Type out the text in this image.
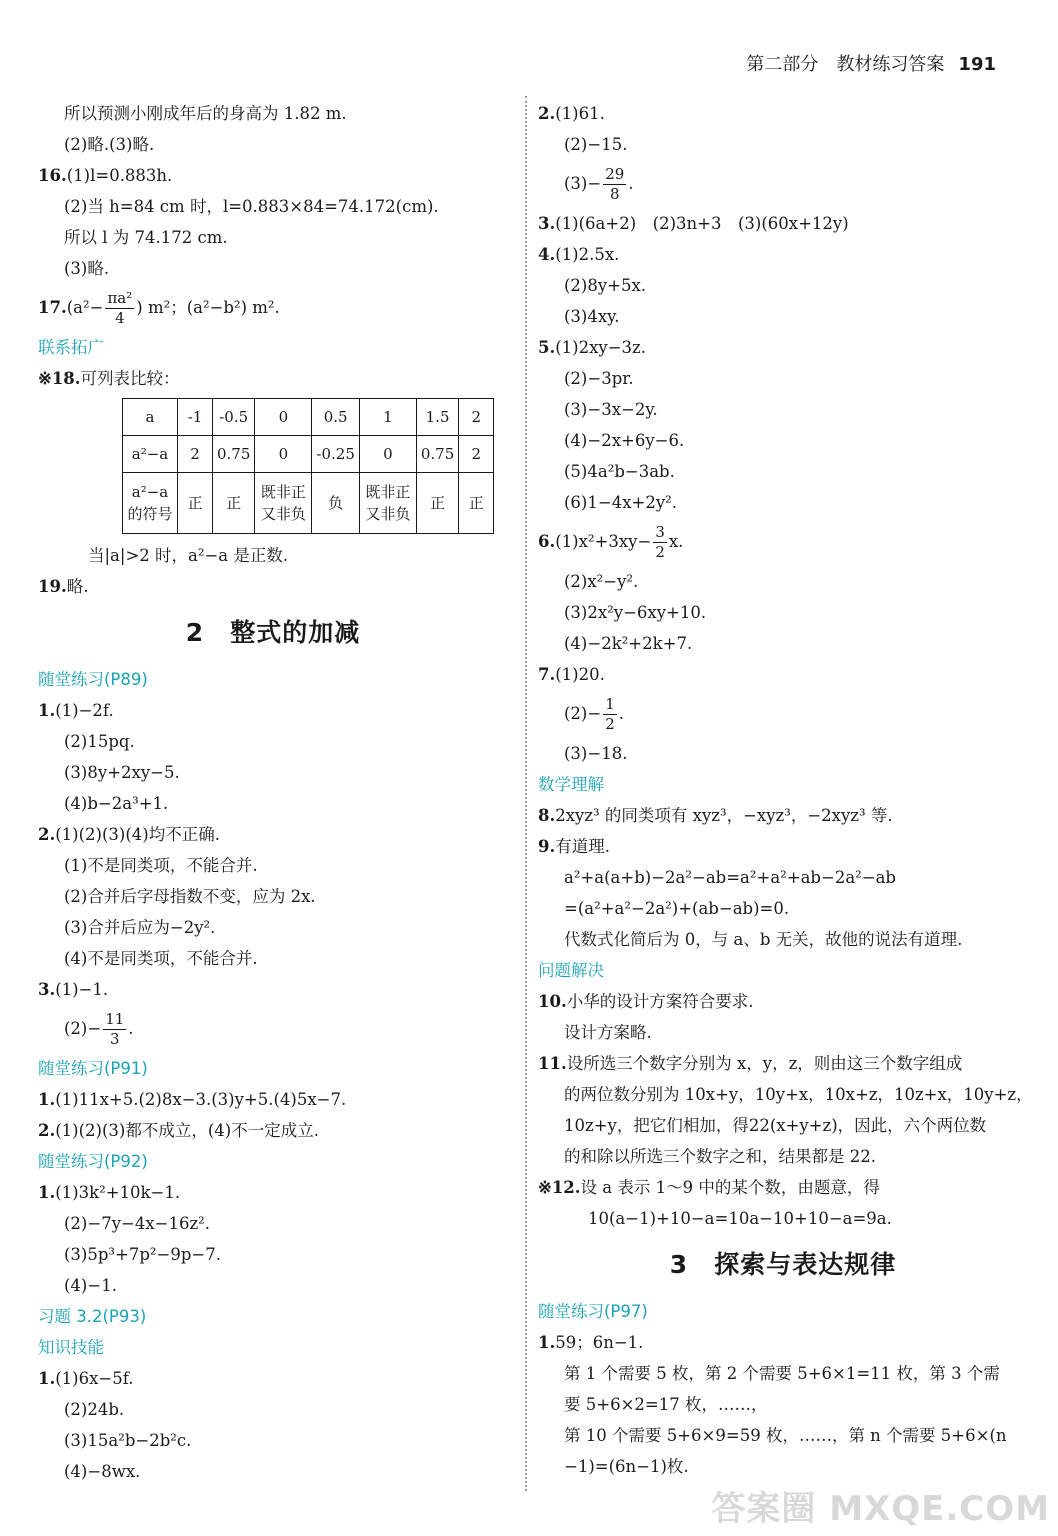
第二部分　教材练习答案 191
所以预测小刚成年后的身高为 1.82 m.
(2)略.(3)略.
16.(1)l=0.883h.
(2)当 h=84 cm 时，l=0.883×84=74.172(cm).
所以 l 为 74.172 cm.
(3)略.
$17.(a^2- \frac{\text{πa²}}{4}$ ) m²；(a²−b²) m².
联系拓广
※18.可列表比较：
a	-1	-0.5	0	0.5	1	1.5	2
a²−a	2	0.75	0	-0.25	0	0.75	2
a²−a 的符号	正	正	既非正 又非负	负	既非正 又非负	正	正
当|a|>2 时，a²−a 是正数.
19.略.
2　整式的加减
随堂练习(P89)
1.(1)−2f.
(2)15pq.
(3)8y+2xy−5.
(4)b−2a³+1.
2.(1)(2)(3)(4)均不正确.
(1)不是同类项，不能合并.
(2)合并后字母指数不变，应为 2x.
(3)合并后应为−2y².
(4)不是同类项，不能合并.
3.(1)−1.
$(2)- \frac{11}{3}$ .
随堂练习(P91)
1.(1)11x+5.(2)8x−3.(3)y+5.(4)5x−7.
2.(1)(2)(3)都不成立，(4)不一定成立.
随堂练习(P92)
1.(1)3k²+10k−1.
(2)−7y−4x−16z².
(3)5p³+7p²−9p−7.
(4)−1.
习题 3.2(P93)
知识技能
1.(1)6x−5f.
(2)24b.
(3)15a²b−2b²c.
(4)−8wx.
2.(1)61.
(2)−15.
$(3)- \frac{29}{8}$ .
3.(1)(6a+2)　(2)3n+3　(3)(60x+12y)
4.(1)2.5x.
(2)8y+5x.
(3)4xy.
5.(1)2xy−3z.
(2)−3pr.
(3)−3x−2y.
(4)−2x+6y−6.
(5)4a²b−3ab.
(6)1−4x+2y².
$6.(1)x^2+3xy- \frac{3}{2} x$.
(2)x²−y².
(3)2x²y−6xy+10.
(4)−2k²+2k+7.
7.(1)20.
$(2)- \frac{1}{2}$ .
(3)−18.
数学理解
8.2xyz³ 的同类项有 xyz³，−xyz³，−2xyz³ 等.
9.有道理.
a²+a(a+b)−2a²−ab=a²+a²+ab−2a²−ab
=(a²+a²−2a²)+(ab−ab)=0.
代数式化简后为 0，与 a、b 无关，故他的说法有道理.
问题解决
10.小华的设计方案符合要求.
设计方案略.
11.设所选三个数字分别为 x，y，z，则由这三个数字组成
的两位数分别为 10x+y，10y+x，10x+z，10z+x，10y+z，
10z+y，把它们相加，得22(x+y+z)，因此，六个两位数
的和除以所选三个数字之和，结果都是 22.
※12.设 a 表示 1～9 中的某个数，由题意，得
10(a−1)+10−a=10a−10+10−a=9a.
3　探索与表达规律
随堂练习(P97)
1.59；6n−1.
第 1 个需要 5 枚，第 2 个需要 5+6×1=11 枚，第 3 个需
要 5+6×2=17 枚，……，
第 10 个需要 5+6×9=59 枚，……，第 n 个需要 5+6×(n
−1)=(6n−1)枚.
答案圈 MXQE.COM
